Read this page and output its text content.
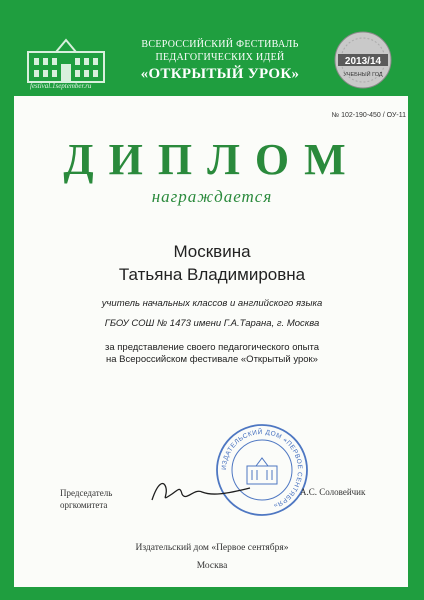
festival.1september.ru
ВСЕРОССИЙСКИЙ ФЕСТИВАЛЬ
ПЕДАГОГИЧЕСКИХ ИДЕЙ
«ОТКРЫТЫЙ УРОК»
2013/14
УЧЕБНЫЙ ГОД
№ 102-190-450 / ОУ-11
ДИПЛОМ
награждается
Москвина
Татьяна Владимировна
учитель начальных классов и английского языка
ГБОУ СОШ № 1473 имени Г.А.Тарана, г. Москва
за представление своего педагогического опыта
на Всероссийском фестивале «Открытый урок»
Председатель
оргкомитета
ИЗДАТЕЛЬСКИЙ ДОМ «ПЕРВОЕ СЕНТЯБРЯ»
А.С. Соловейчик
Издательский дом «Первое сентября»
Москва
